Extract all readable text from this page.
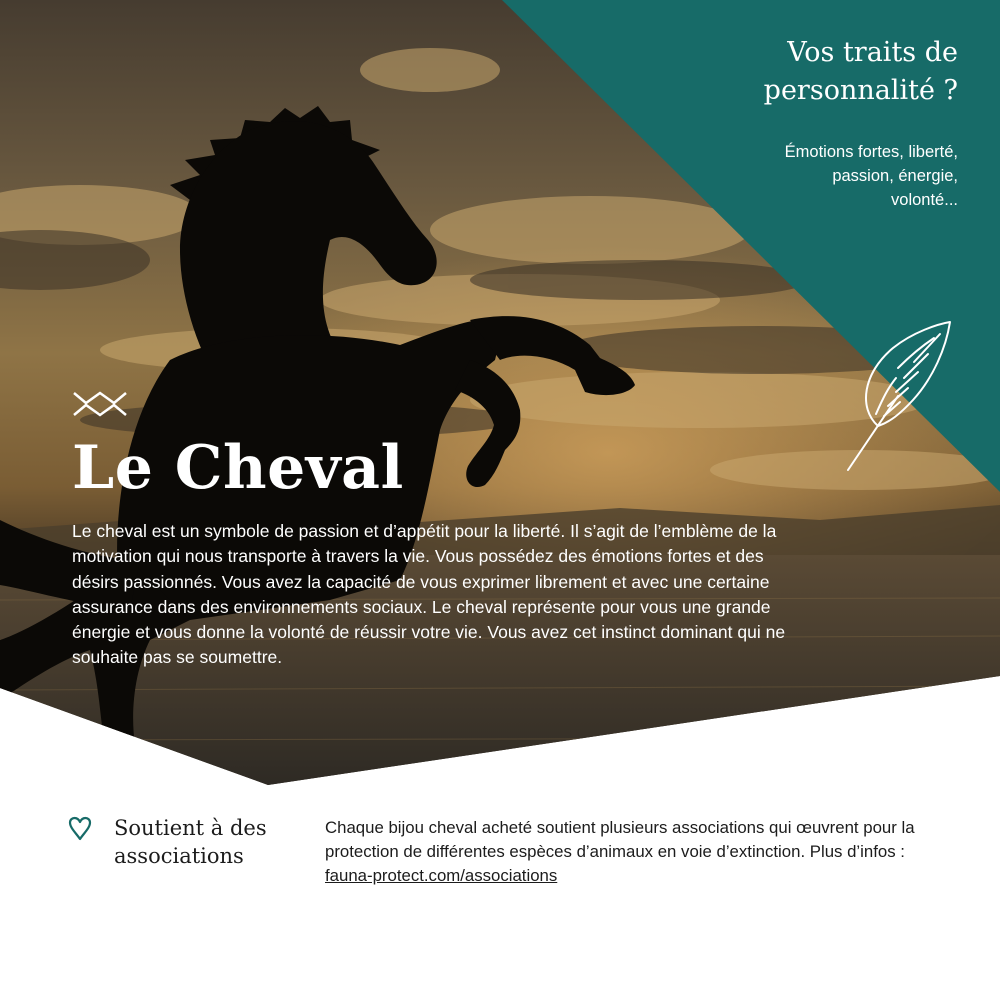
Vos traits de
personnalité ?
Émotions fortes, liberté,
passion, énergie,
volonté...
Le Cheval

Le cheval est un symbole de passion et d’appétit pour la liberté. Il s’agit de l’emblème de la motivation qui nous transporte à travers la vie. Vous possédez des émotions fortes et des désirs passionnés. Vous avez la capacité de vous exprimer librement et avec une certaine assurance dans des environnements sociaux. Le cheval représente pour vous une grande énergie et vous donne la volonté de réussir votre vie. Vous avez cet instinct dominant qui ne souhaite pas se soumettre.

Soutient à des
associations

Chaque bijou cheval acheté soutient plusieurs associations qui œuvrent pour la protection de différentes espèces d’animaux en voie d’extinction. Plus d’infos : fauna-protect.com/associations
